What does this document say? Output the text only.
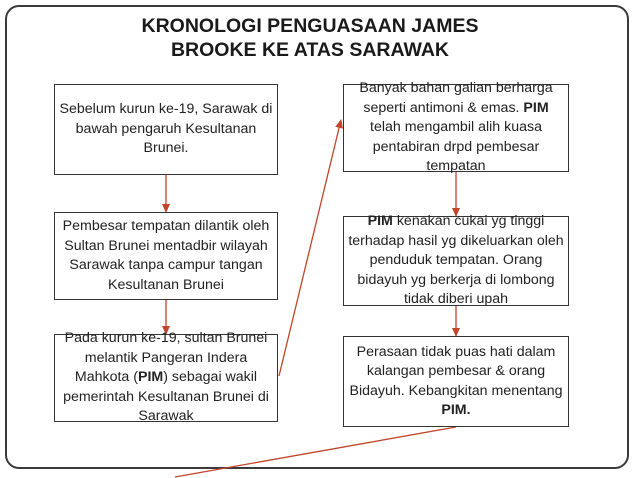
KRONOLOGI PENGUASAAN JAMES
BROOKE KE ATAS SARAWAK
Sebelum kurun ke-19, Sarawak di bawah pengaruh Kesultanan Brunei.
Pembesar tempatan dilantik oleh Sultan Brunei mentadbir wilayah Sarawak tanpa campur tangan Kesultanan Brunei
Pada kurun ke-19, sultan Brunei melantik Pangeran Indera Mahkota (PIM) sebagai wakil pemerintah Kesultanan Brunei di Sarawak
Banyak bahan galian berharga seperti antimoni & emas. PIM telah mengambil alih kuasa pentabiran drpd pembesar tempatan
PIM kenakan cukai yg tinggi terhadap hasil yg dikeluarkan oleh penduduk tempatan. Orang bidayuh yg berkerja di lombong tidak diberi upah
Perasaan tidak puas hati dalam kalangan pembesar & orang Bidayuh. Kebangkitan menentang PIM.
